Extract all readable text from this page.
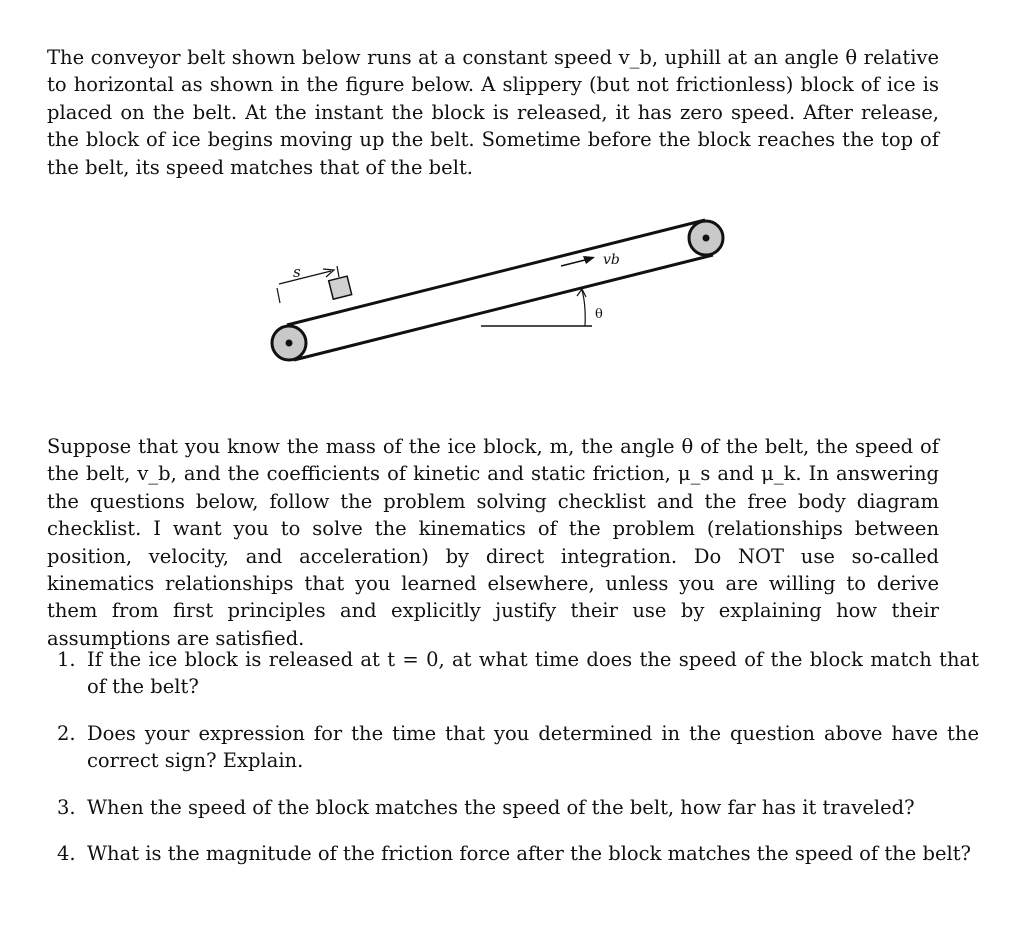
The conveyor belt shown below runs at a constant speed v_b, uphill at an angle θ relative to horizontal as shown in the figure below. A slippery (but not frictionless) block of ice is placed on the belt. At the instant the block is released, it has zero speed. After release, the block of ice begins moving up the belt. Sometime before the block reaches the top of the belt, its speed matches that of the belt.

s
vb
θ

Suppose that you know the mass of the ice block, m, the angle θ of the belt, the speed of the belt, v_b, and the coefficients of kinetic and static friction, μ_s and μ_k. In answering the questions below, follow the problem solving checklist and the free body diagram checklist. I want you to solve the kinematics of the problem (relationships between position, velocity, and acceleration) by direct integration. Do NOT use so-called kinematics relationships that you learned elsewhere, unless you are willing to derive them from first principles and explicitly justify their use by explaining how their assumptions are satisfied.

1. If the ice block is released at t = 0, at what time does the speed of the block match that of the belt?
2. Does your expression for the time that you determined in the question above have the correct sign? Explain.
3. When the speed of the block matches the speed of the belt, how far has it traveled?
4. What is the magnitude of the friction force after the block matches the speed of the belt?
